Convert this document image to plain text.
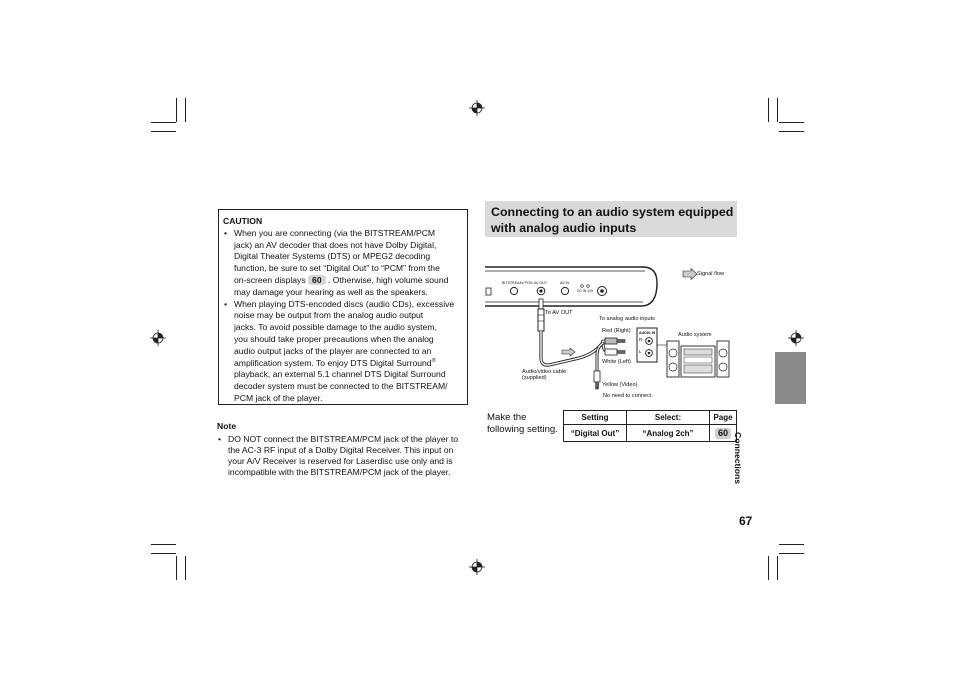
CAUTION
• When you are connecting (via the BITSTREAM/PCM
jack) an AV decoder that does not have Dolby Digital,
Digital Theater Systems (DTS) or MPEG2 decoding
function, be sure to set “Digital Out” to “PCM” from the
on-screen displays 60 . Otherwise, high volume sound
may damage your hearing as well as the speakers.
• When playing DTS-encoded discs (audio CDs), excessive
noise may be output from the analog audio output
jacks. To avoid possible damage to the audio system,
you should take proper precautions when the analog
audio output jacks of the player are connected to an
amplification system. To enjoy DTS Digital Surround®
playback, an external 5.1 channel DTS Digital Surround
decoder system must be connected to the BITSTREAM/
PCM jack of the player.
Note
• DO NOT connect the BITSTREAM/PCM jack of the player to
the AC-3 RF input of a Dolby Digital Receiver. This input on
your A/V Receiver is reserved for Laserdisc use only and is
incompatible with the BITSTREAM/PCM jack of the player.
Connecting to an audio system equipped
with analog audio inputs
Signal flow
BITSTREAM/ PCM AV OUT	AV IN
DC IN 12V
To AV OUT
To analog audio inputs
Red (Right)
White (Left)
AUDIO IN
R
L
Audio system
Audio/video cable
(supplied)
Yellow (Video)
No need to connect.
Make the
following setting.
Setting	Select:	Page
“Digital Out”	“Analog 2ch”	60 Connections
67
